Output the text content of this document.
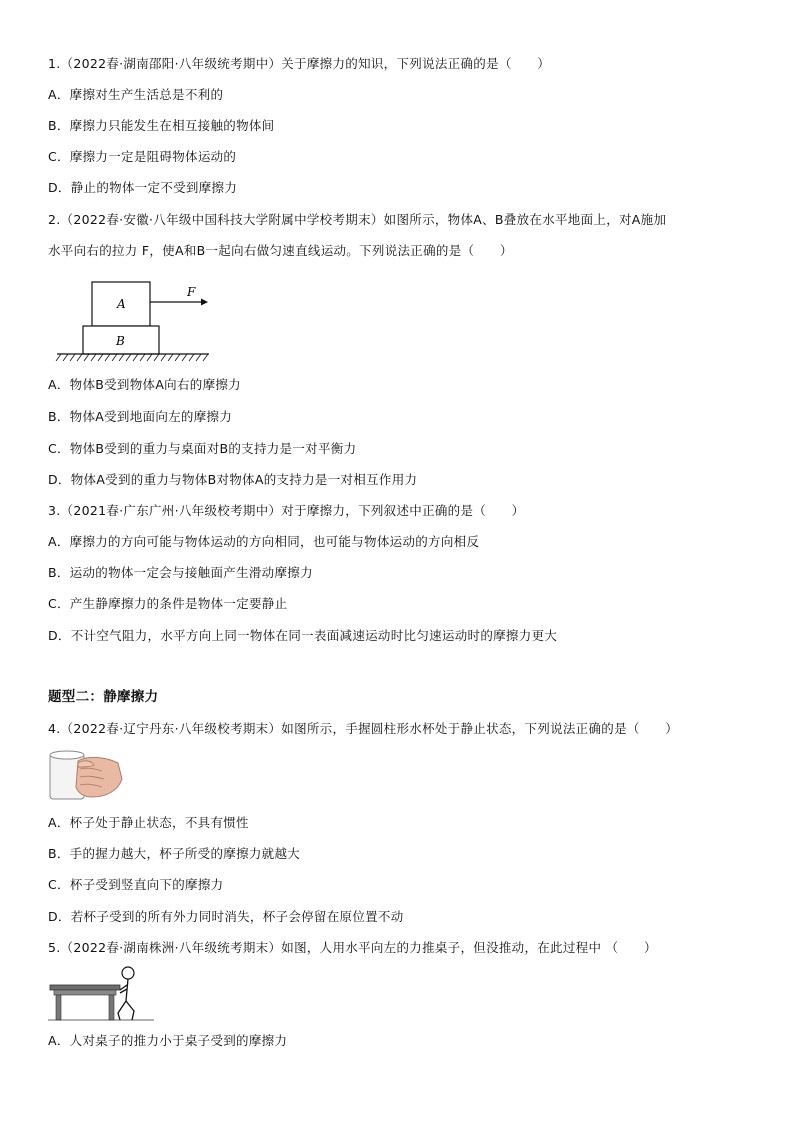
1.（2022春·湖南邵阳·八年级统考期中）关于摩擦力的知识，下列说法正确的是（　　）
A．摩擦对生产生活总是不利的
B．摩擦力只能发生在相互接触的物体间
C．摩擦力一定是阻碍物体运动的
D．静止的物体一定不受到摩擦力
2.（2022春·安徽·八年级中国科技大学附属中学校考期末）如图所示，物体A、B叠放在水平地面上，对A施加
水平向右的拉力 F，使A和B一起向右做匀速直线运动。下列说法正确的是（　　）
A
B
F
A．物体B受到物体A向右的摩擦力
B．物体A受到地面向左的摩擦力
C．物体B受到的重力与桌面对B的支持力是一对平衡力
D．物体A受到的重力与物体B对物体A的支持力是一对相互作用力
3.（2021春·广东广州·八年级校考期中）对于摩擦力，下列叙述中正确的是（　　）
A．摩擦力的方向可能与物体运动的方向相同，也可能与物体运动的方向相反
B．运动的物体一定会与接触面产生滑动摩擦力
C．产生静摩擦力的条件是物体一定要静止
D．不计空气阻力，水平方向上同一物体在同一表面减速运动时比匀速运动时的摩擦力更大
题型二：静摩擦力
4.（2022春·辽宁丹东·八年级校考期末）如图所示，手握圆柱形水杯处于静止状态，下列说法正确的是（　　）
A．杯子处于静止状态，不具有惯性
B．手的握力越大，杯子所受的摩擦力就越大
C．杯子受到竖直向下的摩擦力
D．若杯子受到的所有外力同时消失，杯子会停留在原位置不动
5.（2022春·湖南株洲·八年级统考期末）如图，人用水平向左的力推桌子，但没推动，在此过程中 （　　）
A．人对桌子的推力小于桌子受到的摩擦力
